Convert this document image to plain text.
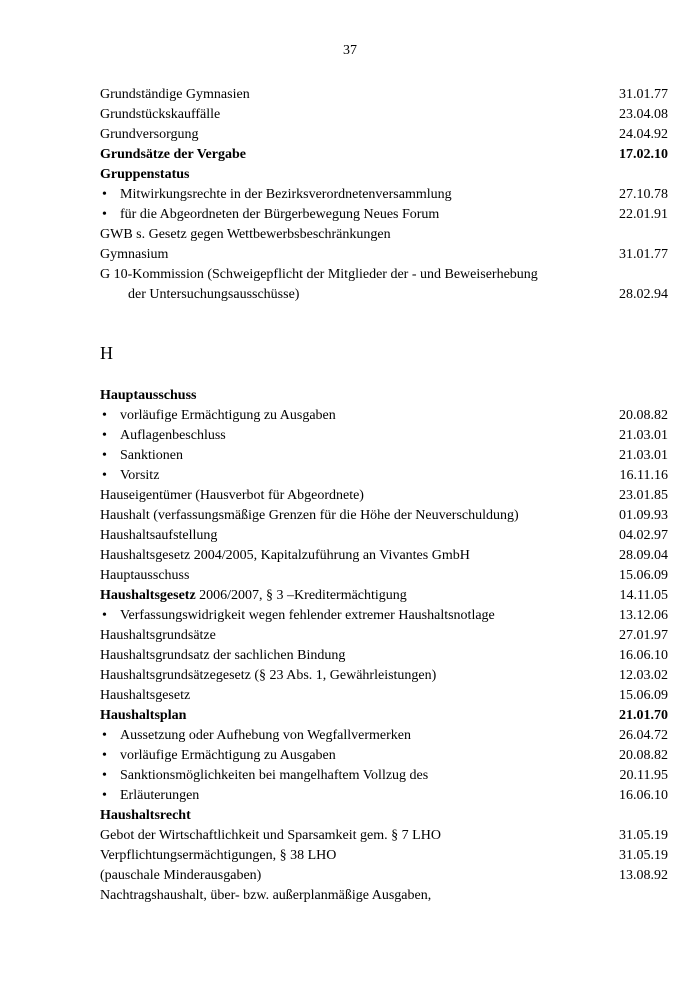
37
Grundständige Gymnasien	31.01.77
Grundstückskauffälle	23.04.08
Grundversorgung	24.04.92
Grundsätze der Vergabe	17.02.10
Gruppenstatus
• Mitwirkungsrechte in der Bezirksverordnetenversammlung	27.10.78
• für die Abgeordneten der Bürgerbewegung Neues Forum	22.01.91
GWB s. Gesetz gegen Wettbewerbsbeschränkungen
Gymnasium	31.01.77
G 10-Kommission (Schweigepflicht der Mitglieder der - und Beweiserhebung
der Untersuchungsausschüsse)	28.02.94
H
Hauptausschuss
• vorläufige Ermächtigung zu Ausgaben	20.08.82
• Auflagenbeschluss	21.03.01
• Sanktionen	21.03.01
• Vorsitz	16.11.16
Hauseigentümer (Hausverbot für Abgeordnete)	23.01.85
Haushalt (verfassungsmäßige Grenzen für die Höhe der Neuverschuldung)	01.09.93
Haushaltsaufstellung	04.02.97
Haushaltsgesetz 2004/2005, Kapitalzuführung an Vivantes GmbH	28.09.04
Hauptausschuss	15.06.09
Haushaltsgesetz 2006/2007, § 3 –Kreditermächtigung	14.11.05
• Verfassungswidrigkeit wegen fehlender extremer Haushaltsnotlage	13.12.06
Haushaltsgrundsätze	27.01.97
Haushaltsgrundsatz der sachlichen Bindung	16.06.10
Haushaltsgrundsätzegesetz (§ 23 Abs. 1, Gewährleistungen)	12.03.02
Haushaltsgesetz	15.06.09
Haushaltsplan	21.01.70
• Aussetzung oder Aufhebung von Wegfallvermerken	26.04.72
• vorläufige Ermächtigung zu Ausgaben	20.08.82
• Sanktionsmöglichkeiten bei mangelhaftem Vollzug des	20.11.95
• Erläuterungen	16.06.10
Haushaltsrecht
Gebot der Wirtschaftlichkeit und Sparsamkeit gem. § 7 LHO	31.05.19
Verpflichtungsermächtigungen, § 38 LHO	31.05.19
(pauschale Minderausgaben)	13.08.92
Nachtragshaushalt, über- bzw. außerplanmäßige Ausgaben,
